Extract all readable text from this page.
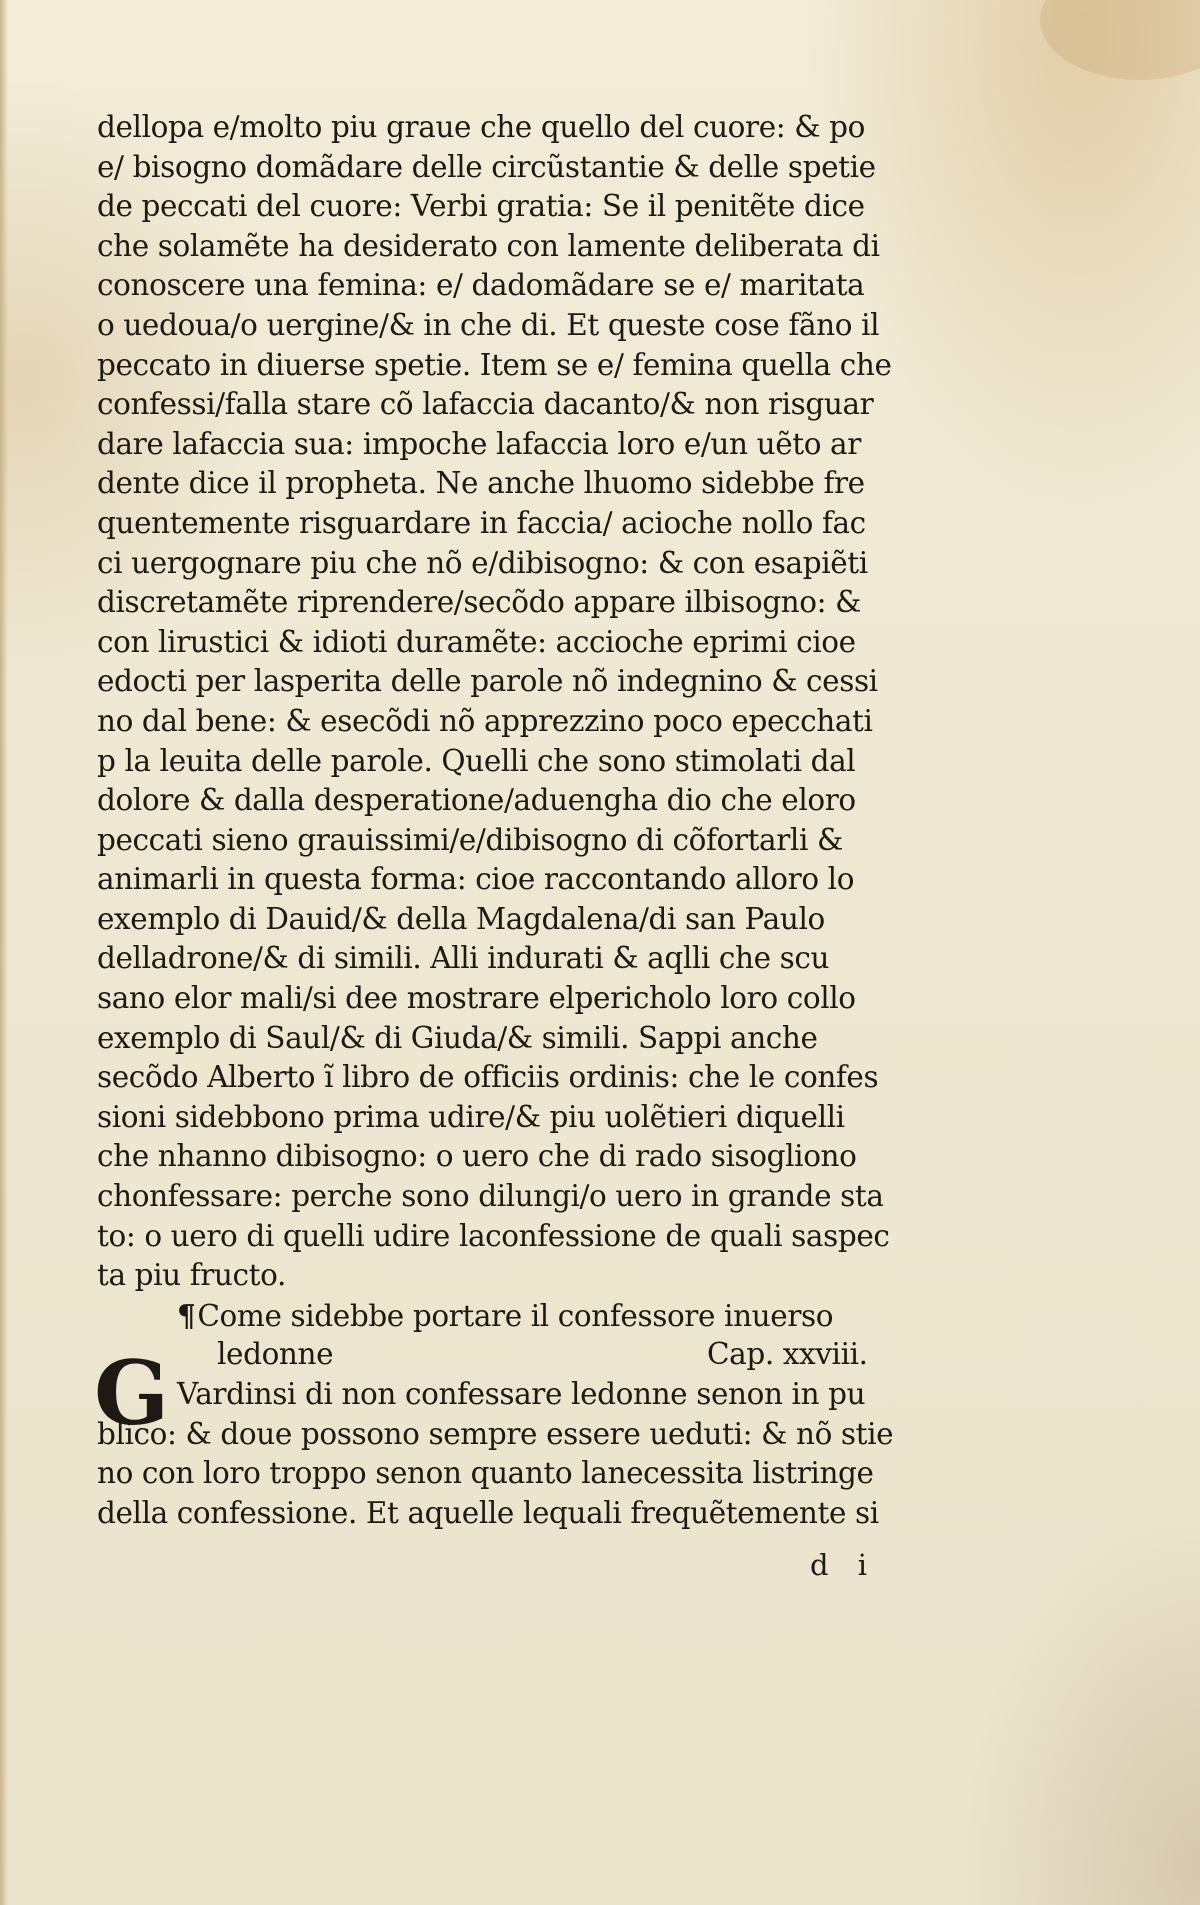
dellopa e/molto piu graue che quello del cuore: & po
e/ bisogno domãdare delle circũstantie & delle spetie
de peccati del cuore: Verbi gratia: Se il penitẽte dice
che solamẽte ha desiderato con lamente deliberata di
conoscere una femina: e/ dadomãdare se e/ maritata
o uedoua/o uergine/& in che di. Et queste cose fãno il
peccato in diuerse spetie. Item se e/ femina quella che
confessi/falla stare cõ lafaccia dacanto/& non risguar
dare lafaccia sua: impoche lafaccia loro e/un uẽto ar
dente dice il propheta. Ne anche lhuomo sidebbe fre
quentemente risguardare in faccia/ acioche nollo fac
ci uergognare piu che nõ e/dibisogno: & con esapiẽti
discretamẽte riprendere/secõdo appare ilbisogno: &
con lirustici & idioti duramẽte: accioche eprimi cioe
edocti per lasperita delle parole nõ indegnino & cessi
no dal bene: & esecõdi nõ apprezzino poco epecchati
p la leuita delle parole. Quelli che sono stimolati dal
dolore & dalla desperatione/aduengha dio che eloro
peccati sieno grauissimi/e/dibisogno di cõfortarli &
animarli in questa forma: cioe raccontando alloro lo
exemplo di Dauid/& della Magdalena/di san Paulo
delladrone/& di simili. Alli indurati & aqlli che scu
sano elor mali/si dee mostrare elpericholo loro collo
exemplo di Saul/& di Giuda/& simili. Sappi anche
secõdo Alberto ĩ libro de officiis ordinis: che le confes
sioni sidebbono prima udire/& piu uolẽtieri diquelli
che nhanno dibisogno: o uero che di rado sisogliono
chonfessare: perche sono dilungi/o uero in grande sta
to: o uero di quelli udire laconfessione de quali saspec
ta piu fructo.
¶Come sidebbe portare il confessore inuerso
ledonne	Cap. xxviii.
Vardinsi di non confessare ledonne senon in pu
blico: & doue possono sempre essere ueduti: & nõ stie
no con loro troppo senon quanto lanecessita listringe
della confessione. Et aquelle lequali frequẽtemente si
G
d i
